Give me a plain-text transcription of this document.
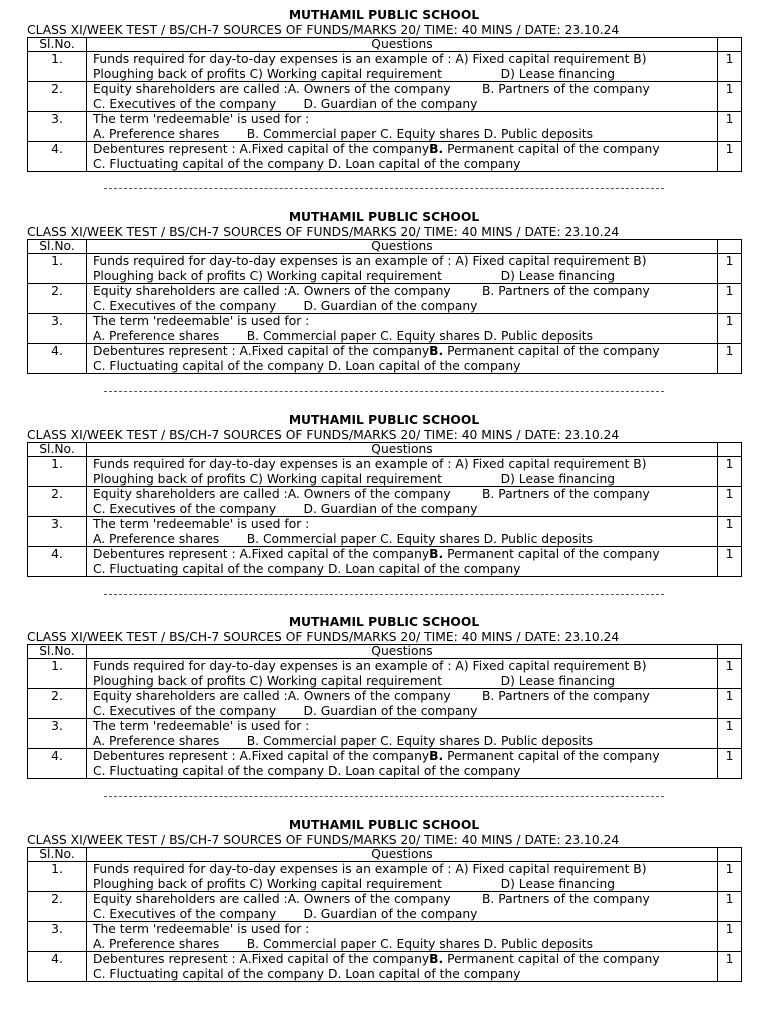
MUTHAMIL PUBLIC SCHOOL
CLASS XI/WEEK TEST / BS/CH-7 SOURCES OF FUNDS/MARKS 20/ TIME: 40 MINS / DATE: 23.10.24
Sl.No.	Questions	
1.	Funds required for day-to-day expenses is an example of : A) Fixed capital requirement B)
Ploughing back of profits C) Working capital requirement               D) Lease financing	1
2.	Equity shareholders are called :A. Owners of the company        B. Partners of the company
C. Executives of the company       D. Guardian of the company	1
3.	The term 'redeemable' is used for :
A. Preference shares       B. Commercial paper C. Equity shares D. Public deposits	1
4.	Debentures represent : A.Fixed capital of the companyB. Permanent capital of the company
C. Fluctuating capital of the company D. Loan capital of the company	1
MUTHAMIL PUBLIC SCHOOL
CLASS XI/WEEK TEST / BS/CH-7 SOURCES OF FUNDS/MARKS 20/ TIME: 40 MINS / DATE: 23.10.24
Sl.No.	Questions	
1.	Funds required for day-to-day expenses is an example of : A) Fixed capital requirement B)
Ploughing back of profits C) Working capital requirement               D) Lease financing	1
2.	Equity shareholders are called :A. Owners of the company        B. Partners of the company
C. Executives of the company       D. Guardian of the company	1
3.	The term 'redeemable' is used for :
A. Preference shares       B. Commercial paper C. Equity shares D. Public deposits	1
4.	Debentures represent : A.Fixed capital of the companyB. Permanent capital of the company
C. Fluctuating capital of the company D. Loan capital of the company	1
MUTHAMIL PUBLIC SCHOOL
CLASS XI/WEEK TEST / BS/CH-7 SOURCES OF FUNDS/MARKS 20/ TIME: 40 MINS / DATE: 23.10.24
Sl.No.	Questions	
1.	Funds required for day-to-day expenses is an example of : A) Fixed capital requirement B)
Ploughing back of profits C) Working capital requirement               D) Lease financing	1
2.	Equity shareholders are called :A. Owners of the company        B. Partners of the company
C. Executives of the company       D. Guardian of the company	1
3.	The term 'redeemable' is used for :
A. Preference shares       B. Commercial paper C. Equity shares D. Public deposits	1
4.	Debentures represent : A.Fixed capital of the companyB. Permanent capital of the company
C. Fluctuating capital of the company D. Loan capital of the company	1
MUTHAMIL PUBLIC SCHOOL
CLASS XI/WEEK TEST / BS/CH-7 SOURCES OF FUNDS/MARKS 20/ TIME: 40 MINS / DATE: 23.10.24
Sl.No.	Questions	
1.	Funds required for day-to-day expenses is an example of : A) Fixed capital requirement B)
Ploughing back of profits C) Working capital requirement               D) Lease financing	1
2.	Equity shareholders are called :A. Owners of the company        B. Partners of the company
C. Executives of the company       D. Guardian of the company	1
3.	The term 'redeemable' is used for :
A. Preference shares       B. Commercial paper C. Equity shares D. Public deposits	1
4.	Debentures represent : A.Fixed capital of the companyB. Permanent capital of the company
C. Fluctuating capital of the company D. Loan capital of the company	1
MUTHAMIL PUBLIC SCHOOL
CLASS XI/WEEK TEST / BS/CH-7 SOURCES OF FUNDS/MARKS 20/ TIME: 40 MINS / DATE: 23.10.24
Sl.No.	Questions	
1.	Funds required for day-to-day expenses is an example of : A) Fixed capital requirement B)
Ploughing back of profits C) Working capital requirement               D) Lease financing	1
2.	Equity shareholders are called :A. Owners of the company        B. Partners of the company
C. Executives of the company       D. Guardian of the company	1
3.	The term 'redeemable' is used for :
A. Preference shares       B. Commercial paper C. Equity shares D. Public deposits	1
4.	Debentures represent : A.Fixed capital of the companyB. Permanent capital of the company
C. Fluctuating capital of the company D. Loan capital of the company	1
